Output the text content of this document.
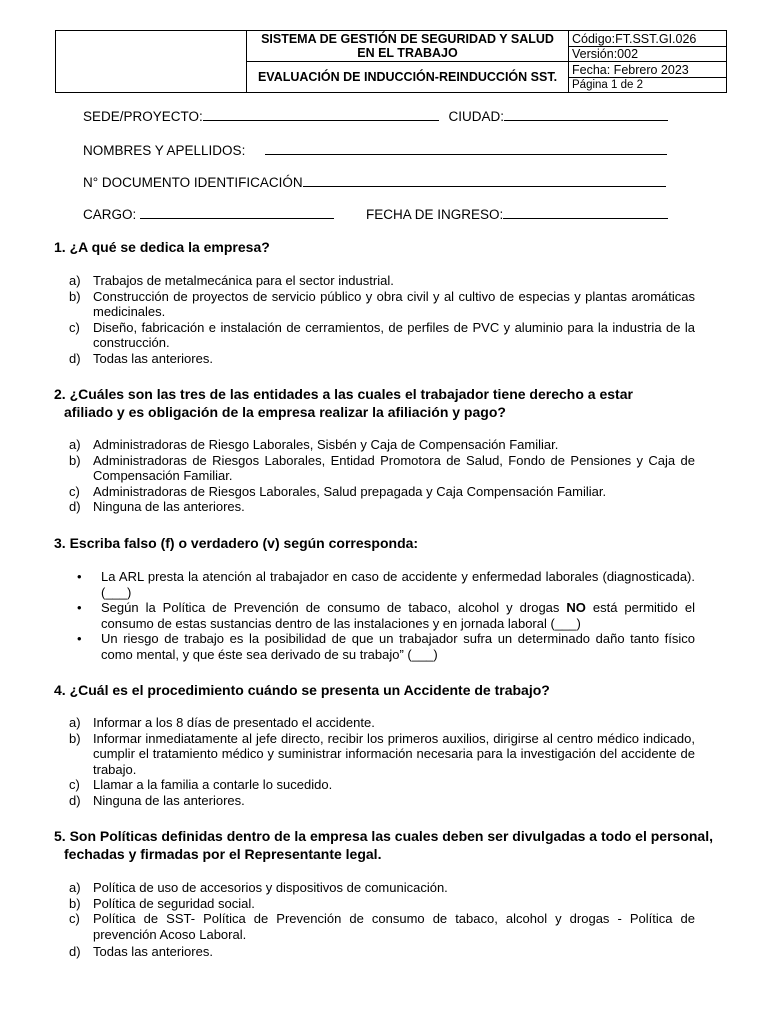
	SISTEMA DE GESTIÓN DE SEGURIDAD Y SALUD EN EL TRABAJO	Código:FT.SST.GI.026
		Versión:002
	EVALUACIÓN DE INDUCCIÓN-REINDUCCIÓN SST.	Fecha: Febrero 2023
		Página 1 de 2
SEDE/PROYECTO:	CIUDAD:
NOMBRES Y APELLIDOS:
N° DOCUMENTO IDENTIFICACIÓN
CARGO:	FECHA DE INGRESO:
1. ¿A qué se dedica la empresa?

a) Trabajos de metalmecánica para el sector industrial.

b) Construcción de proyectos de servicio público y obra civil y al cultivo de especias y plantas aromáticas medicinales.

c) Diseño, fabricación e instalación de cerramientos, de perfiles de PVC y aluminio para la industria de la construcción.

d) Todas las anteriores.

2. ¿Cuáles son las tres de las entidades a las cuales el trabajador tiene derecho a estar afiliado y es obligación de la empresa realizar la afiliación y pago?

a) Administradoras de Riesgo Laborales, Sisbén y Caja de Compensación Familiar.

b) Administradoras de Riesgos Laborales, Entidad Promotora de Salud, Fondo de Pensiones y Caja de Compensación Familiar.

c) Administradoras de Riesgos Laborales, Salud prepagada y Caja Compensación Familiar.

d) Ninguna de las anteriores.

3. Escriba falso (f) o verdadero (v) según corresponda:

• La ARL presta la atención al trabajador en caso de accidente y enfermedad laborales (diagnosticada). (___)

• Según la Política de Prevención de consumo de tabaco, alcohol y drogas NO está permitido el consumo de estas sustancias dentro de las instalaciones y en jornada laboral (___)

• Un riesgo de trabajo es la posibilidad de que un trabajador sufra un determinado daño tanto físico como mental, y que éste sea derivado de su trabajo” (___)

4. ¿Cuál es el procedimiento cuándo se presenta un Accidente de trabajo?

a) Informar a los 8 días de presentado el accidente.

b) Informar inmediatamente al jefe directo, recibir los primeros auxilios, dirigirse al centro médico indicado, cumplir el tratamiento médico y suministrar información necesaria para la investigación del accidente de trabajo.

c) Llamar a la familia a contarle lo sucedido.

d) Ninguna de las anteriores.

5. Son Políticas definidas dentro de la empresa las cuales deben ser divulgadas a todo el personal, fechadas y firmadas por el Representante legal.

a) Política de uso de accesorios y dispositivos de comunicación.

b) Política de seguridad social.

c) Política de SST- Política de Prevención de consumo de tabaco, alcohol y drogas - Política de prevención Acoso Laboral.

d) Todas las anteriores.
